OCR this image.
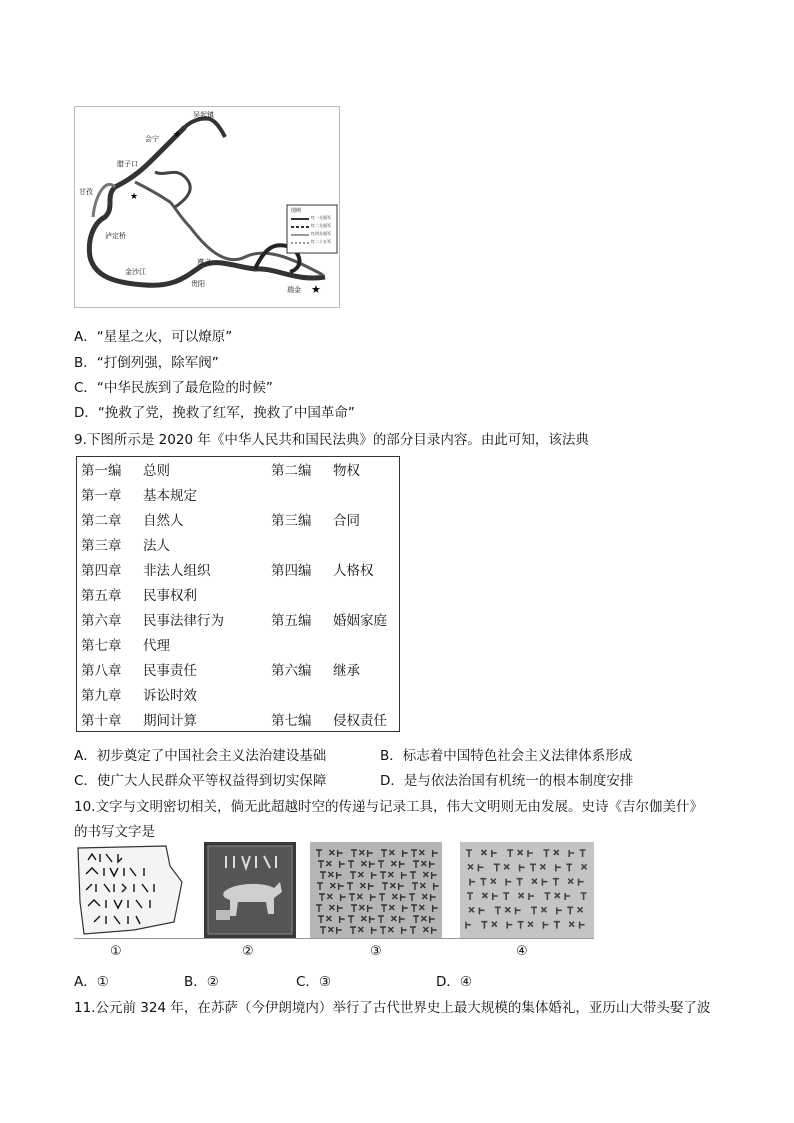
★
★
★
吴起镇
会宁
腊子口
甘孜
泸定桥
金沙江
遵义
贵阳
瑞金
图例
红一方面军
红二方面军
红四方面军
红二十五军
A．“星星之火，可以燎原”
B．“打倒列强，除军阀”
C．“中华民族到了最危险的时候”
D．“挽救了党，挽救了红军，挽救了中国革命”
9.下图所示是 2020 年《中华人民共和国民法典》的部分目录内容。由此可知，该法典
第一编 总则	第二编 物权
第一章 基本规定
第二章 自然人	第三编 合同
第三章 法人
第四章 非法人组织	第四编 人格权
第五章 民事权利
第六章 民事法律行为	第五编 婚姻家庭
第七章 代理
第八章 民事责任	第六编 继承
第九章 诉讼时效
第十章 期间计算	第七编 侵权责任
A．初步奠定了中国社会主义法治建设基础	B．标志着中国特色社会主义法律体系形成
C．使广大人民群众平等权益得到切实保障	D．是与依法治国有机统一的根本制度安排
10.文字与文明密切相关，倘无此超越时空的传递与记录工具，伟大文明则无由发展。史诗《吉尔伽美什》
的书写文字是
①	②	③	④
A．①	B．②	C．③	D．④
11.公元前 324 年，在苏萨（今伊朗境内）举行了古代世界史上最大规模的集体婚礼，亚历山大带头娶了波
